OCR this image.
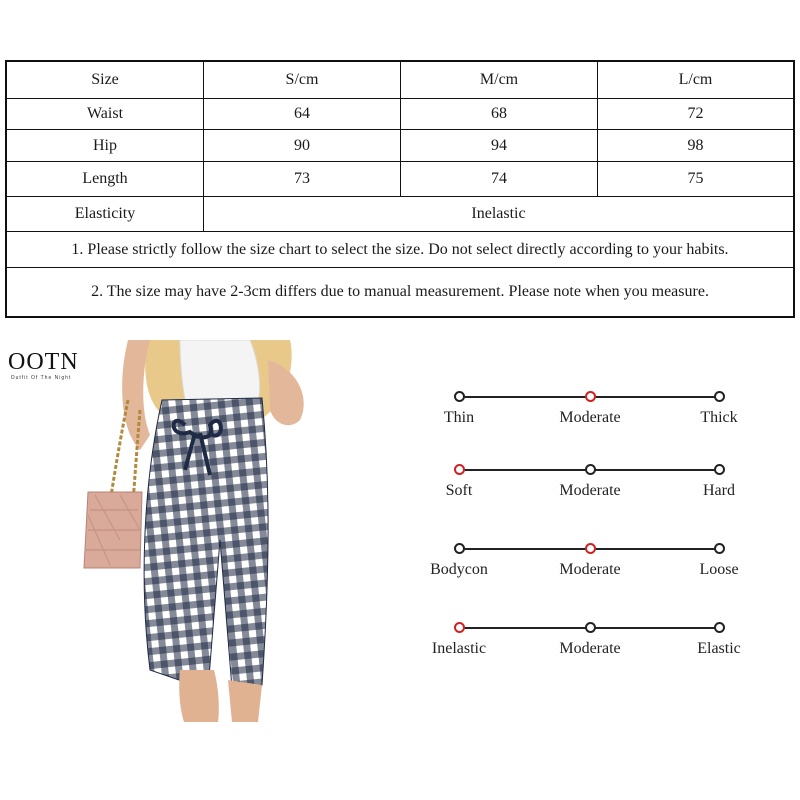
Size	S/cm	M/cm	L/cm
Waist	64	68	72
Hip	90	94	98
Length	73	74	75
Elasticity	Inelastic
1. Please strictly follow the size chart to select the size. Do not select directly according to your habits.
2. The size may have 2-3cm differs due to manual measurement. Please note when you measure.
OOTN
Outfit Of The Night
Thin	Moderate	Thick
Soft	Moderate	Hard
Bodycon	Moderate	Loose
Inelastic	Moderate	Elastic
